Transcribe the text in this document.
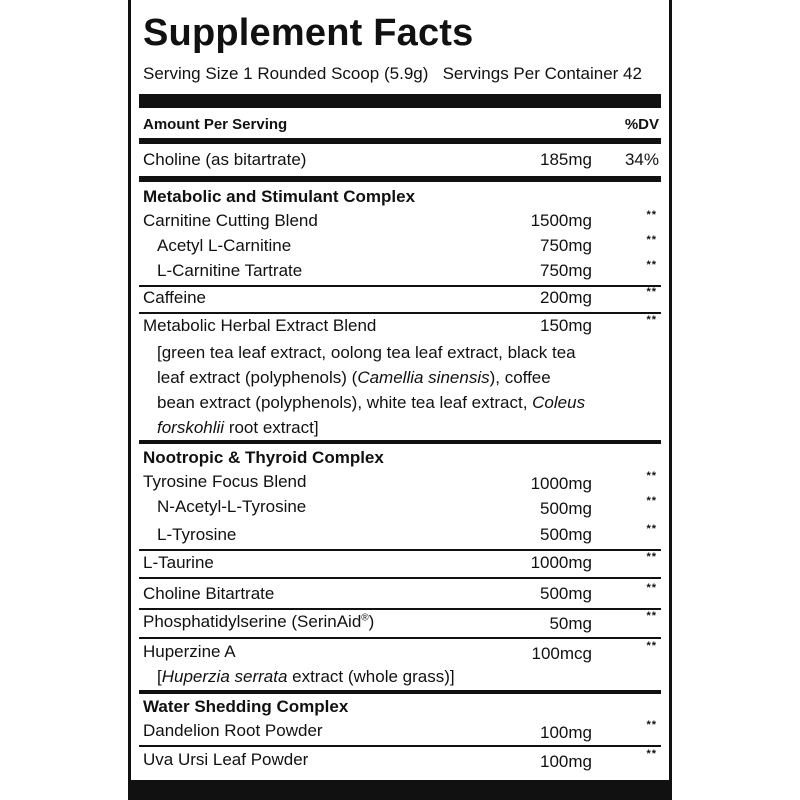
Supplement Facts
Serving Size 1 Rounded Scoop (5.9g)   Servings Per Container 42
Amount Per Serving	%DV
Choline (as bitartrate)	185mg 34%
Metabolic and Stimulant Complex
Carnitine Cutting Blend	1500mg	**
Acetyl L-Carnitine	750mg	**
L-Carnitine Tartrate	750mg	**
Caffeine	200mg	**
Metabolic Herbal Extract Blend	150mg	**
[green tea leaf extract, oolong tea leaf extract, black tea
leaf extract (polyphenols) (Camellia sinensis), coffee
bean extract (polyphenols), white tea leaf extract, Coleus
forskohlii root extract]
Nootropic & Thyroid Complex
Tyrosine Focus Blend	1000mg	**
N-Acetyl-L-Tyrosine	500mg	**
L-Tyrosine	500mg	**
L-Taurine	1000mg	**
Choline Bitartrate	500mg	**
Phosphatidylserine (SerinAid®)	50mg	**
Huperzine A	100mcg	**
[Huperzia serrata extract (whole grass)]
Water Shedding Complex
Dandelion Root Powder	100mg	**
Uva Ursi Leaf Powder	100mg	**
